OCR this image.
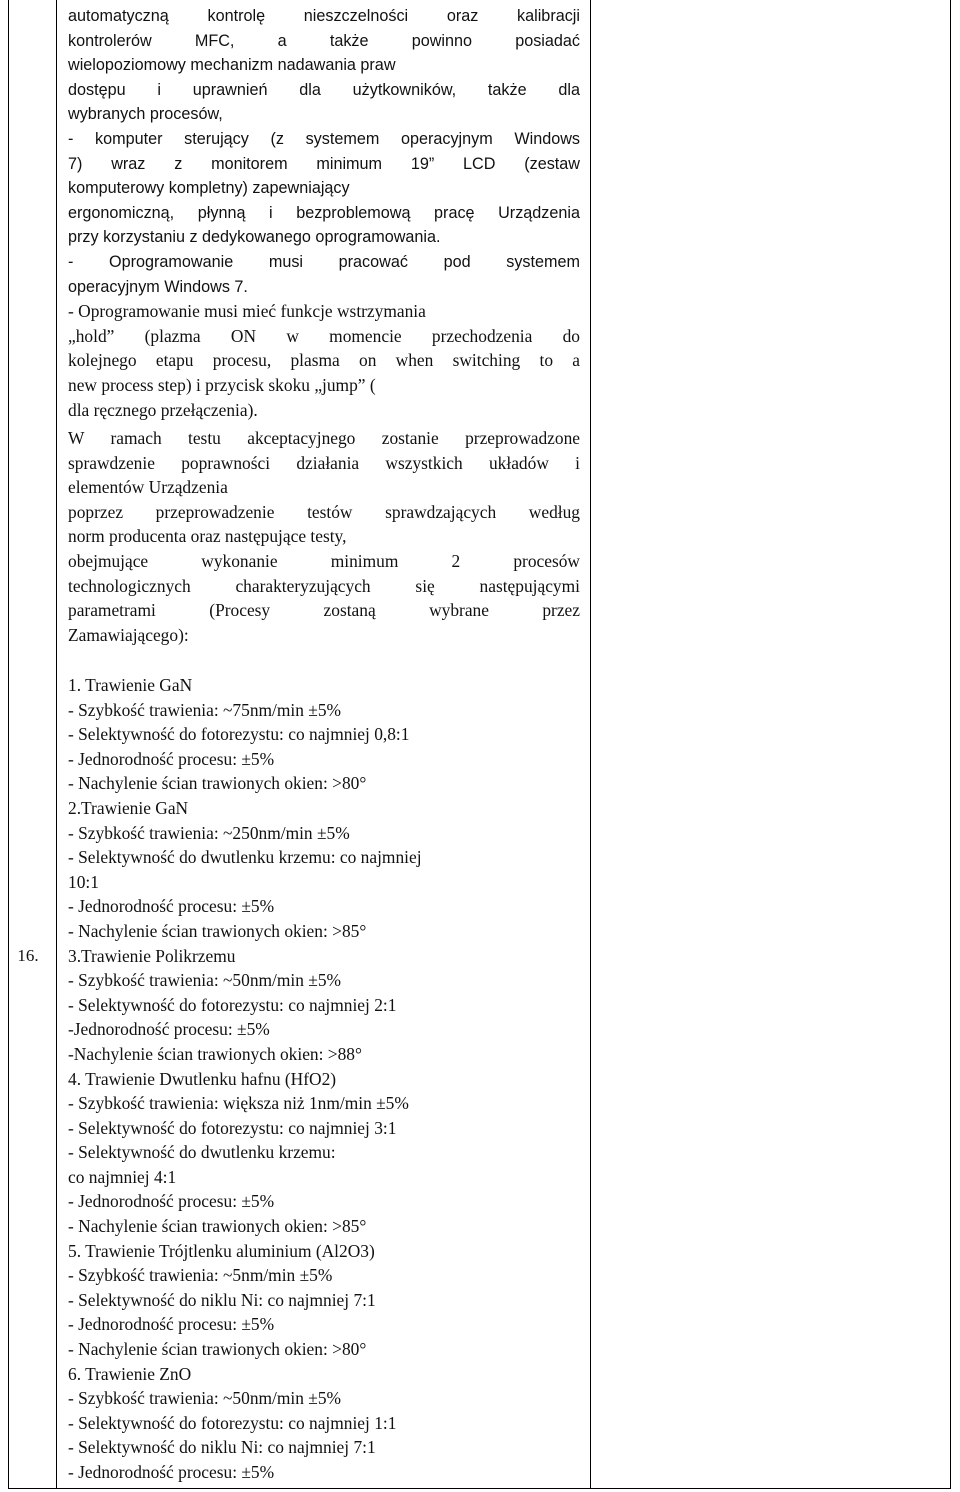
16.
automatyczną kontrolę nieszczelności oraz kalibracji
kontrolerów MFC, a także powinno posiadać
wielopoziomowy mechanizm nadawania praw
dostępu i uprawnień dla użytkowników, także dla
wybranych procesów,
- komputer sterujący (z systemem operacyjnym Windows
7) wraz z monitorem minimum 19” LCD (zestaw
komputerowy kompletny) zapewniający
ergonomiczną, płynną i bezproblemową pracę Urządzenia
przy korzystaniu z dedykowanego oprogramowania.
- Oprogramowanie musi pracować pod systemem
operacyjnym Windows 7.
- Oprogramowanie musi mieć funkcje wstrzymania
„hold” (plazma ON w momencie przechodzenia do
kolejnego etapu procesu, plasma on when switching to a
new process step) i przycisk skoku „jump” (
dla ręcznego przełączenia).
W ramach testu akceptacyjnego zostanie przeprowadzone
sprawdzenie poprawności działania wszystkich układów i
elementów Urządzenia
poprzez przeprowadzenie testów sprawdzających według
norm producenta oraz następujące testy,
obejmujące wykonanie minimum 2 procesów
technologicznych charakteryzujących się następującymi
parametrami (Procesy zostaną wybrane przez
Zamawiającego):
1. Trawienie GaN
- Szybkość trawienia: ~75nm/min ±5%
- Selektywność do fotorezystu: co najmniej 0,8:1
- Jednorodność procesu: ±5%
- Nachylenie ścian trawionych okien: >80°
2.Trawienie GaN
- Szybkość trawienia: ~250nm/min ±5%
- Selektywność do dwutlenku krzemu: co najmniej
10:1
- Jednorodność procesu: ±5%
- Nachylenie ścian trawionych okien: >85°
3.Trawienie Polikrzemu
- Szybkość trawienia: ~50nm/min ±5%
- Selektywność do fotorezystu: co najmniej 2:1
-Jednorodność procesu: ±5%
-Nachylenie ścian trawionych okien: >88°
4. Trawienie Dwutlenku hafnu (HfO2)
- Szybkość trawienia: większa niż 1nm/min ±5%
- Selektywność do fotorezystu: co najmniej 3:1
- Selektywność do dwutlenku krzemu:
co najmniej 4:1
- Jednorodność procesu: ±5%
- Nachylenie ścian trawionych okien: >85°
5. Trawienie Trójtlenku aluminium (Al2O3)
- Szybkość trawienia: ~5nm/min ±5%
- Selektywność do niklu Ni: co najmniej 7:1
- Jednorodność procesu: ±5%
- Nachylenie ścian trawionych okien: >80°
6. Trawienie ZnO
- Szybkość trawienia: ~50nm/min ±5%
- Selektywność do fotorezystu: co najmniej 1:1
- Selektywność do niklu Ni: co najmniej 7:1
- Jednorodność procesu: ±5%
